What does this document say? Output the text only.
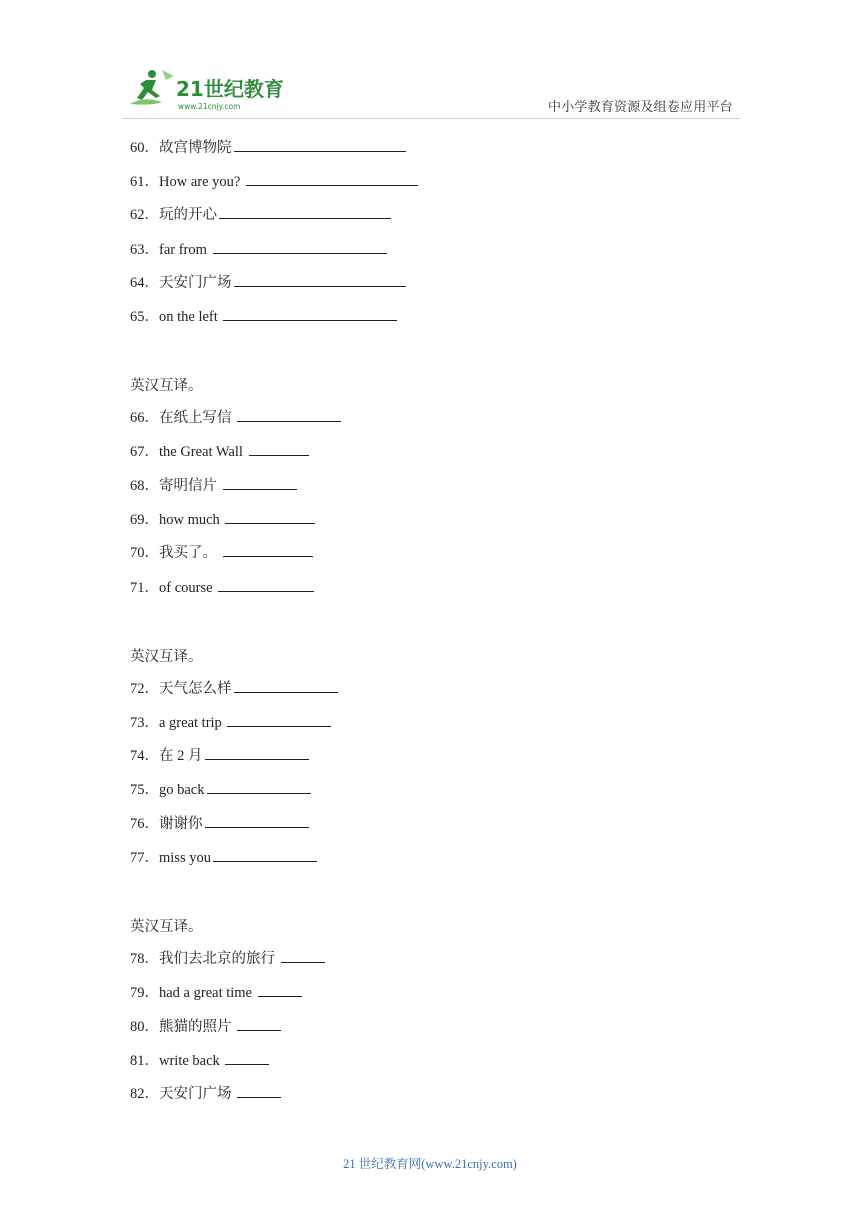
21世纪教育
www.21cnjy.com	中小学教育资源及组卷应用平台
60．故宫博物院
61．How are you?
62．玩的开心
63．far from
64．天安门广场
65．on the left
英汉互译。
66．在纸上写信
67．the Great Wall
68．寄明信片
69．how much
70．我买了。
71．of course
英汉互译。
72．天气怎么样
73．a great trip
74．在 2 月
75．go back
76．谢谢你
77．miss you
英汉互译。
78．我们去北京的旅行
79．had a great time
80．熊猫的照片
81．write back
82．天安门广场
21 世纪教育网(www.21cnjy.com)
